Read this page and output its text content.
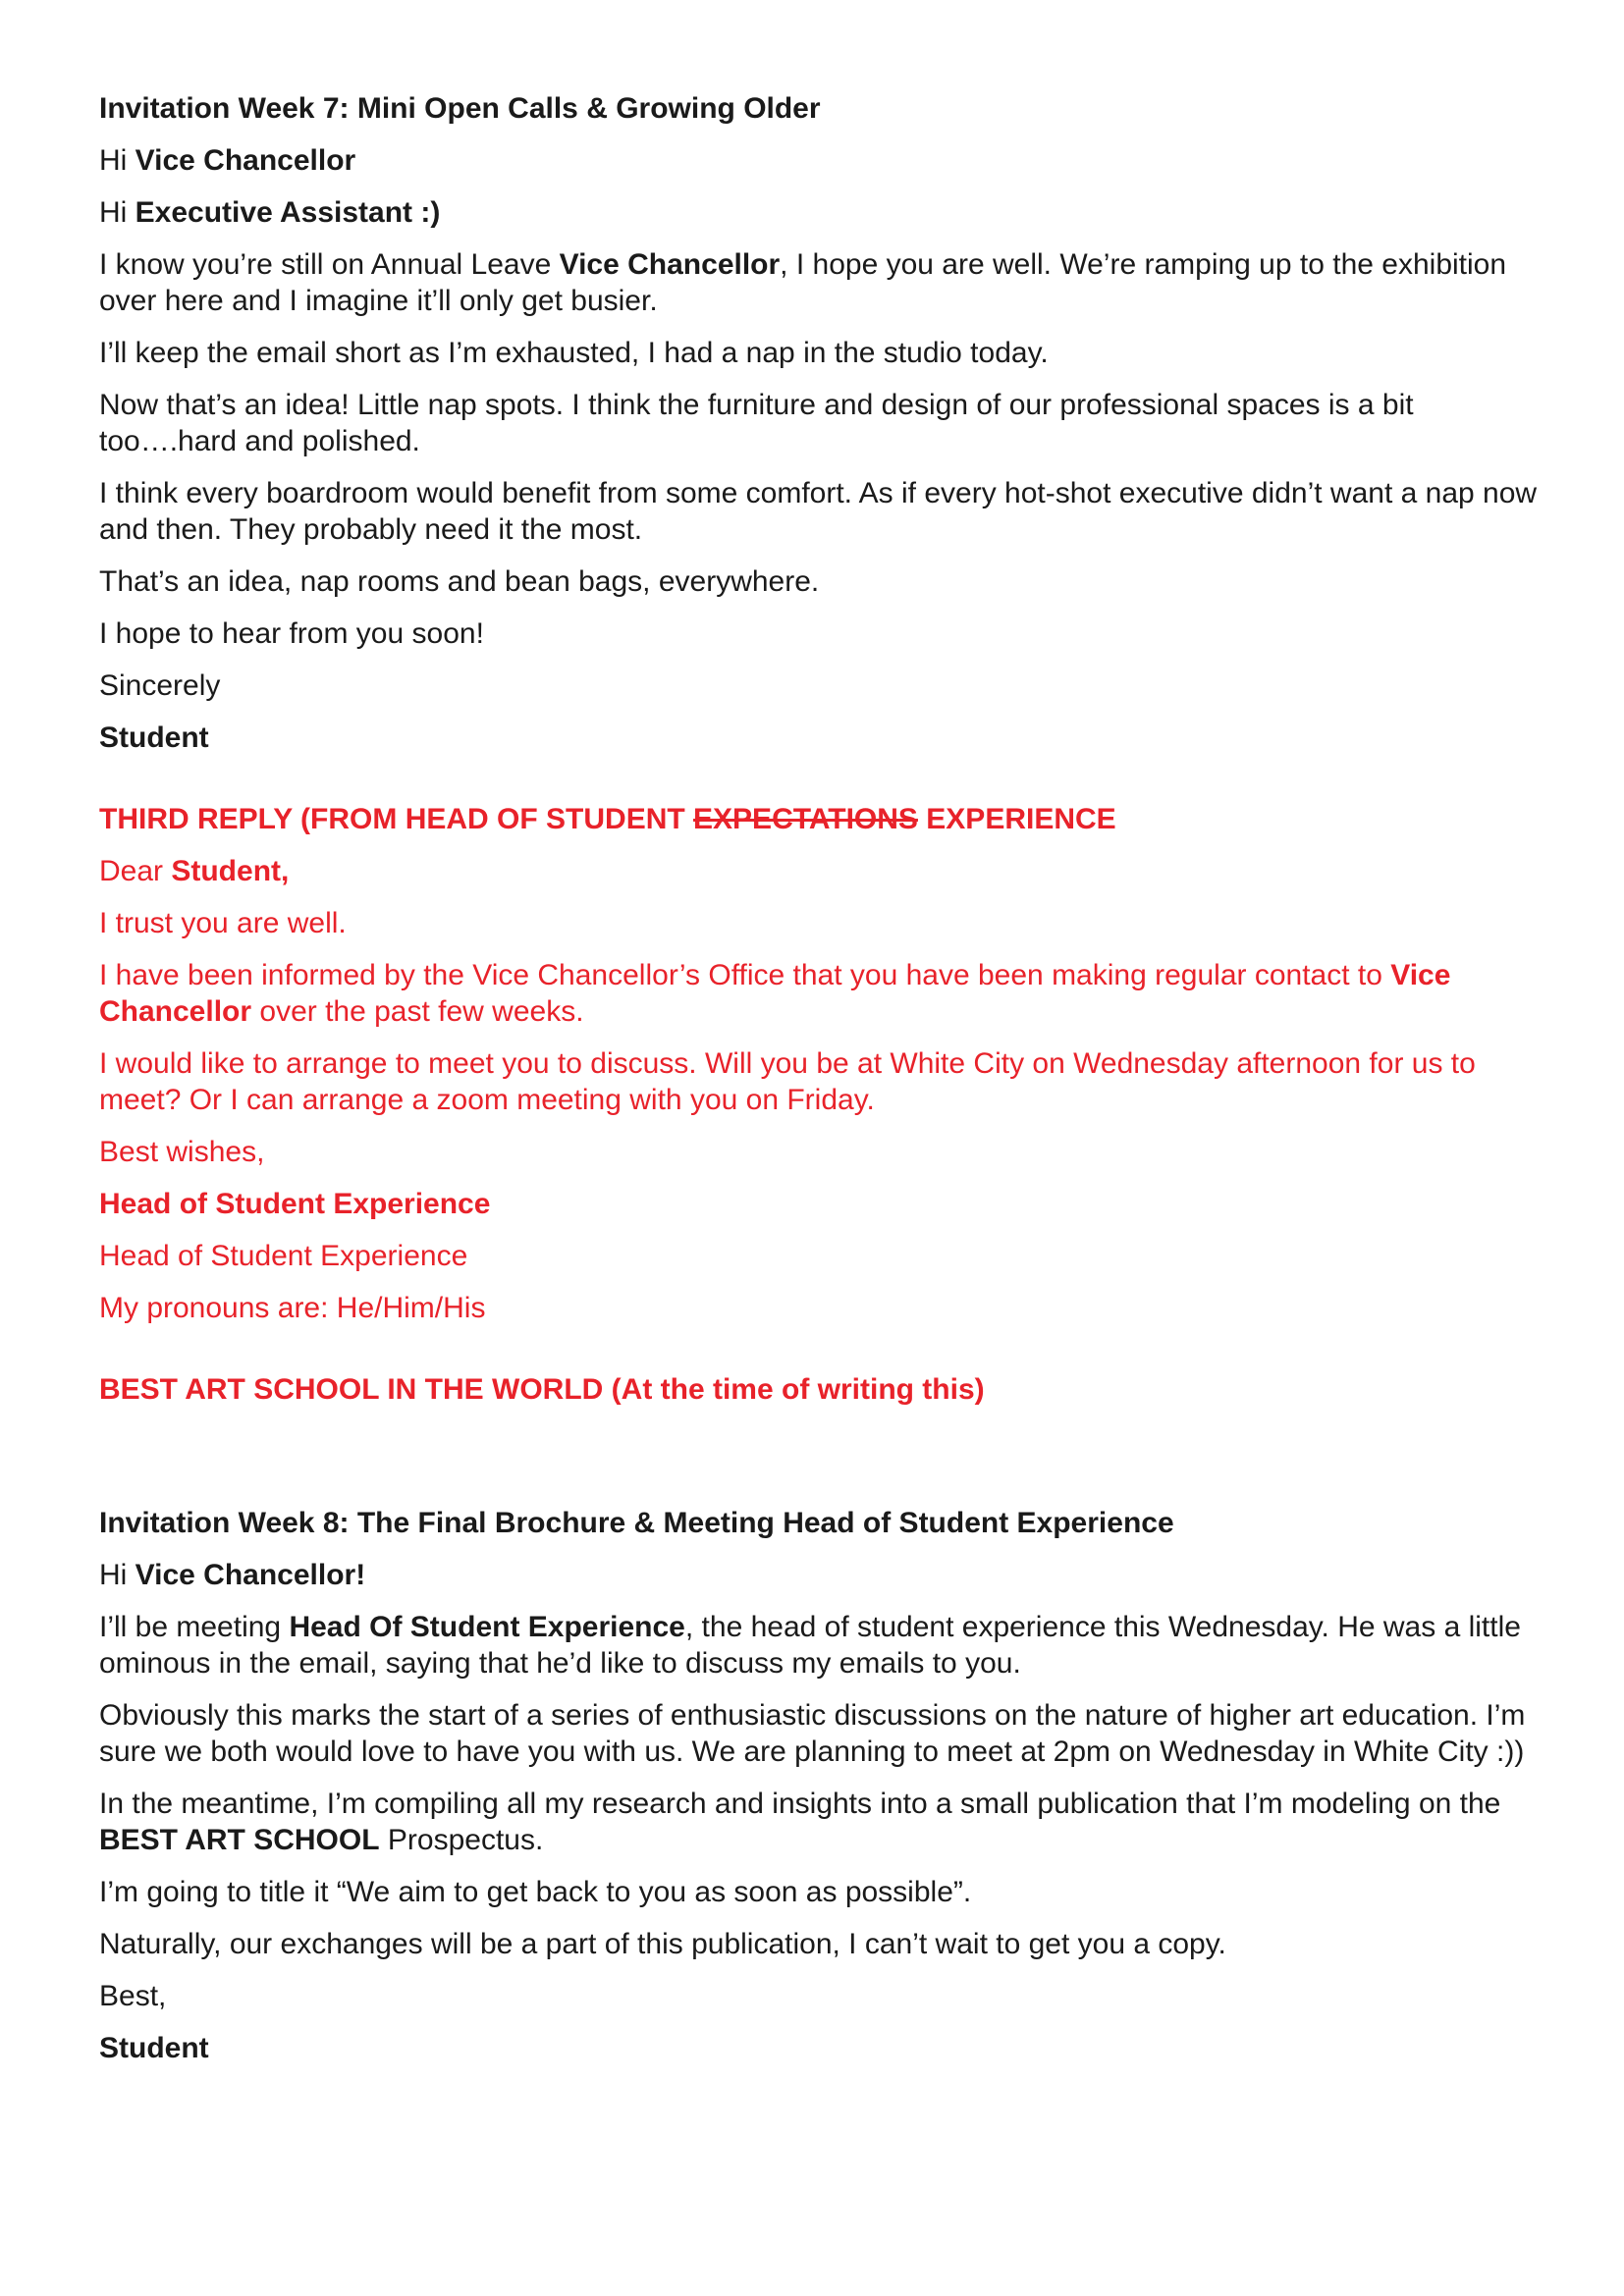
Invitation Week 7: Mini Open Calls & Growing Older

Hi Vice Chancellor

Hi Executive Assistant :)

I know you’re still on Annual Leave Vice Chancellor, I hope you are well. We’re ramping up to the exhibition over here and I imagine it’ll only get busier.

I’ll keep the email short as I’m exhausted, I had a nap in the studio today.

Now that’s an idea! Little nap spots. I think the furniture and design of our professional spaces is a bit too….hard and polished.

I think every boardroom would benefit from some comfort. As if every hot-shot executive didn’t want a nap now and then. They probably need it the most.

That’s an idea, nap rooms and bean bags, everywhere.

I hope to hear from you soon!

Sincerely

Student

THIRD REPLY (FROM HEAD OF STUDENT EXPECTATIONS EXPERIENCE

Dear Student,

I trust you are well.

I have been informed by the Vice Chancellor’s Office that you have been making regular contact to Vice Chancellor over the past few weeks.

I would like to arrange to meet you to discuss. Will you be at White City on Wednesday afternoon for us to meet? Or I can arrange a zoom meeting with you on Friday.

Best wishes,

Head of Student Experience

Head of Student Experience

My pronouns are: He/Him/His

BEST ART SCHOOL IN THE WORLD (At the time of writing this)

Invitation Week 8: The Final Brochure & Meeting Head of Student Experience

Hi Vice Chancellor!

I’ll be meeting Head Of Student Experience, the head of student experience this Wednesday. He was a little ominous in the email, saying that he’d like to discuss my emails to you.

Obviously this marks the start of a series of enthusiastic discussions on the nature of higher art education. I’m sure we both would love to have you with us. We are planning to meet at 2pm on Wednesday in White City :))

In the meantime, I’m compiling all my research and insights into a small publication that I’m modeling on the BEST ART SCHOOL Prospectus.

I’m going to title it “We aim to get back to you as soon as possible”.

Naturally, our exchanges will be a part of this publication, I can’t wait to get you a copy.

Best,

Student
